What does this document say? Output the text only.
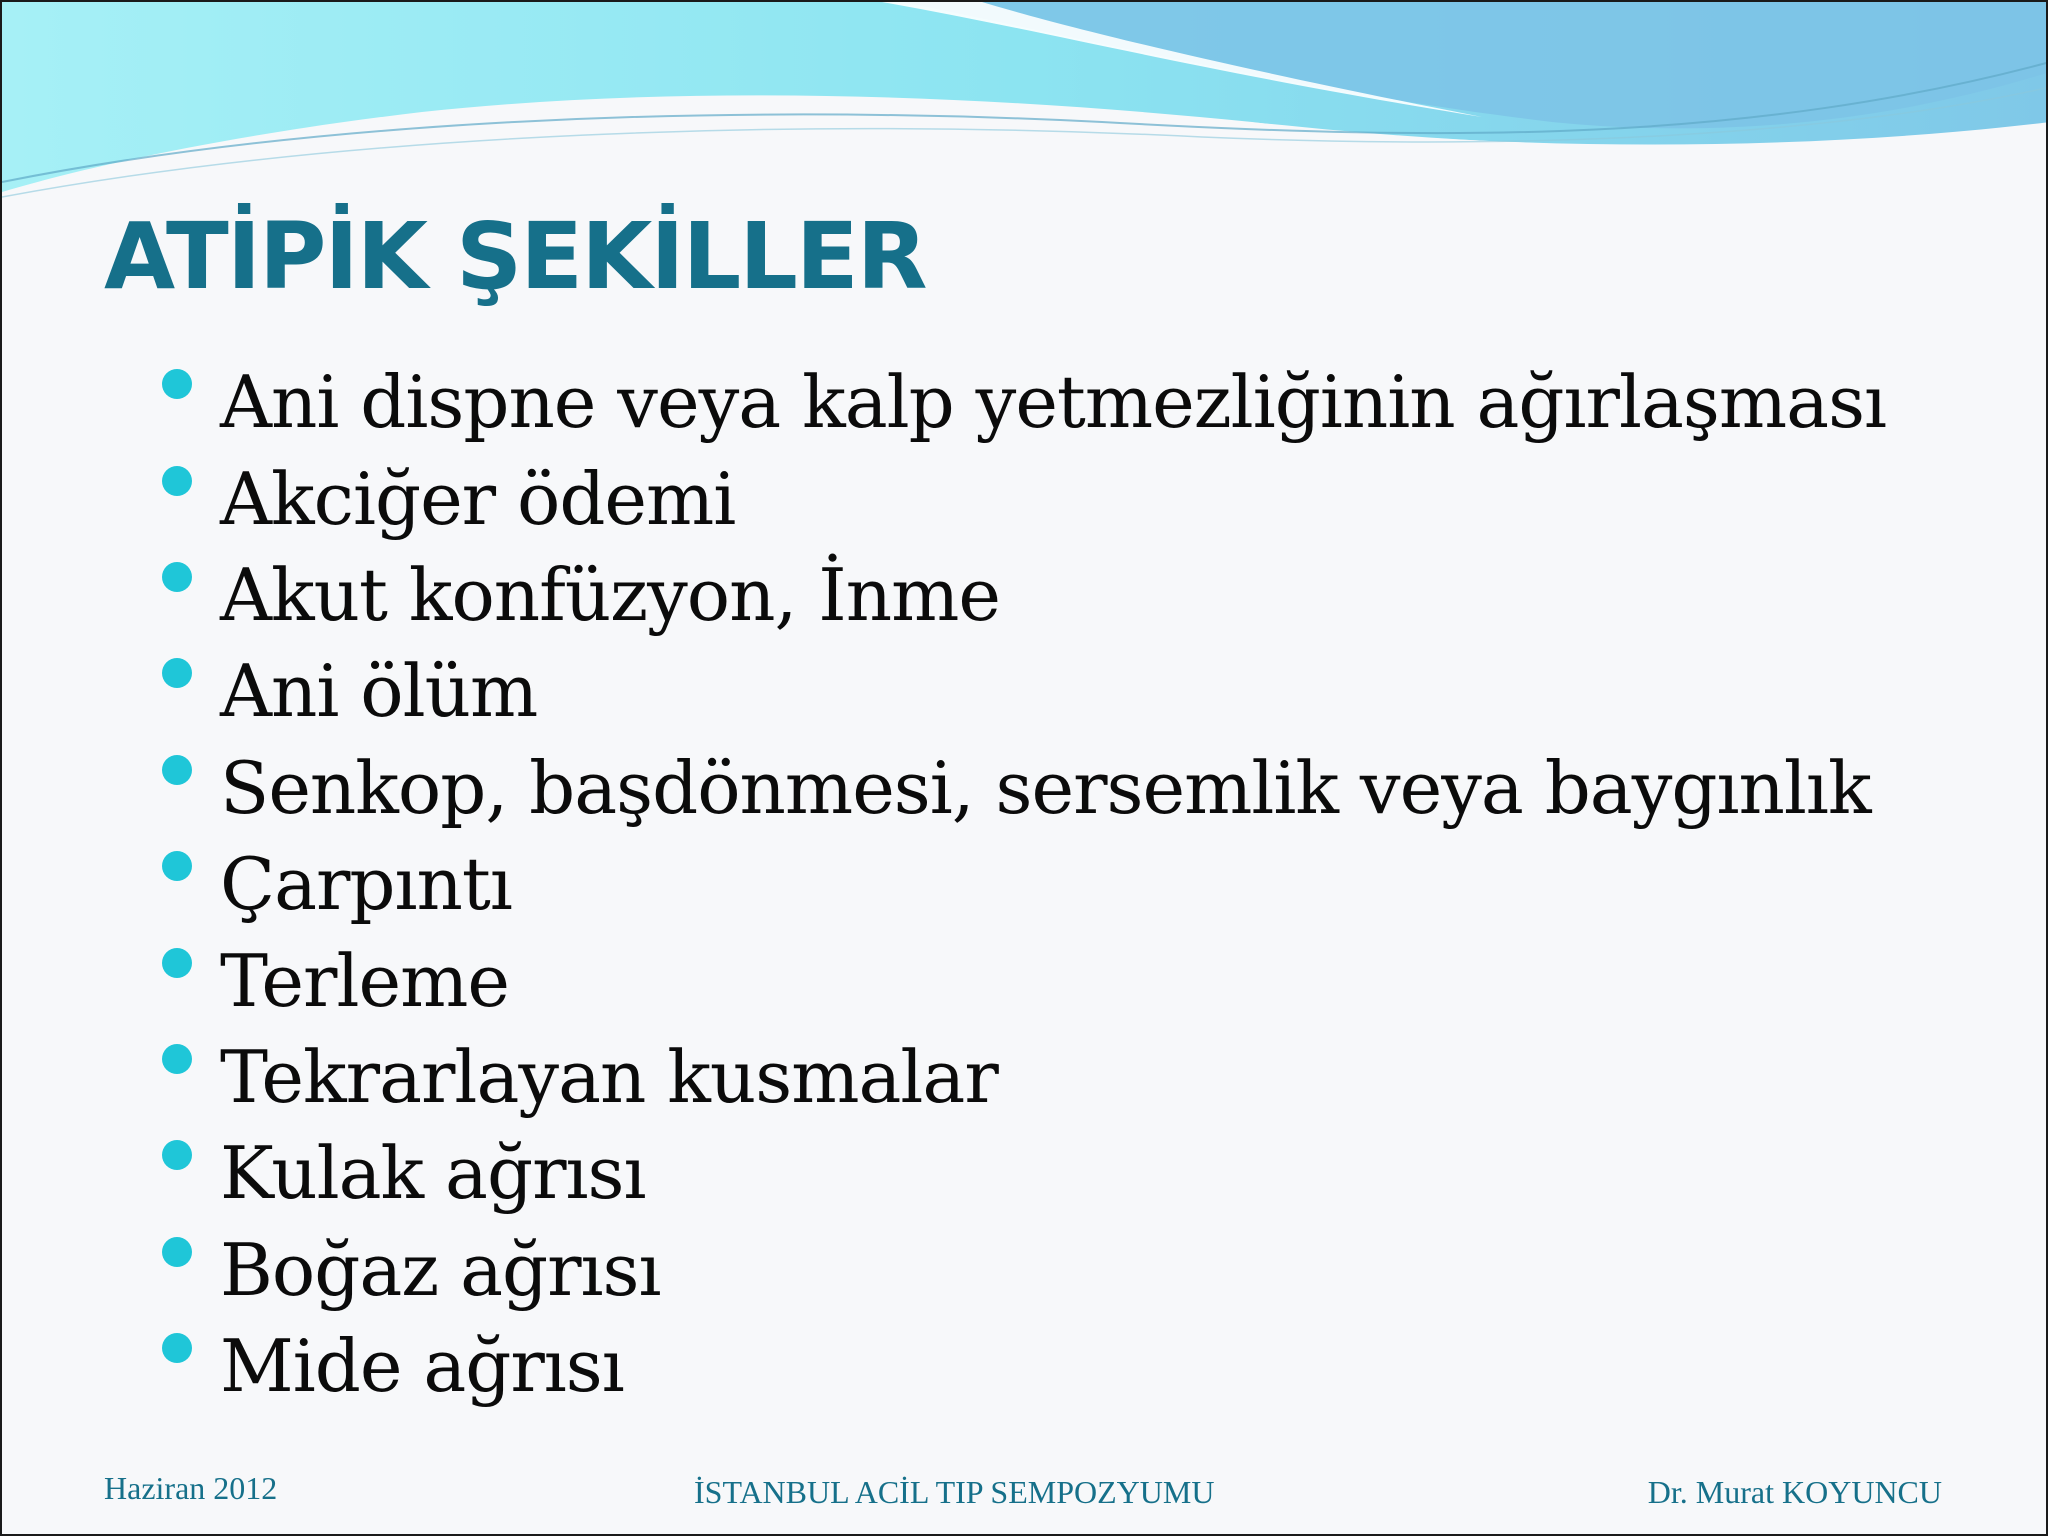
ATİPİK ŞEKİLLER
Ani dispne veya kalp yetmezliğinin ağırlaşması
Akciğer ödemi
Akut konfüzyon, İnme
Ani ölüm
Senkop, başdönmesi, sersemlik veya baygınlık
Çarpıntı
Terleme
Tekrarlayan kusmalar
Kulak ağrısı
Boğaz ağrısı
Mide ağrısı
Haziran 2012	İSTANBUL ACİL TIP SEMPOZYUMU	Dr. Murat KOYUNCU
